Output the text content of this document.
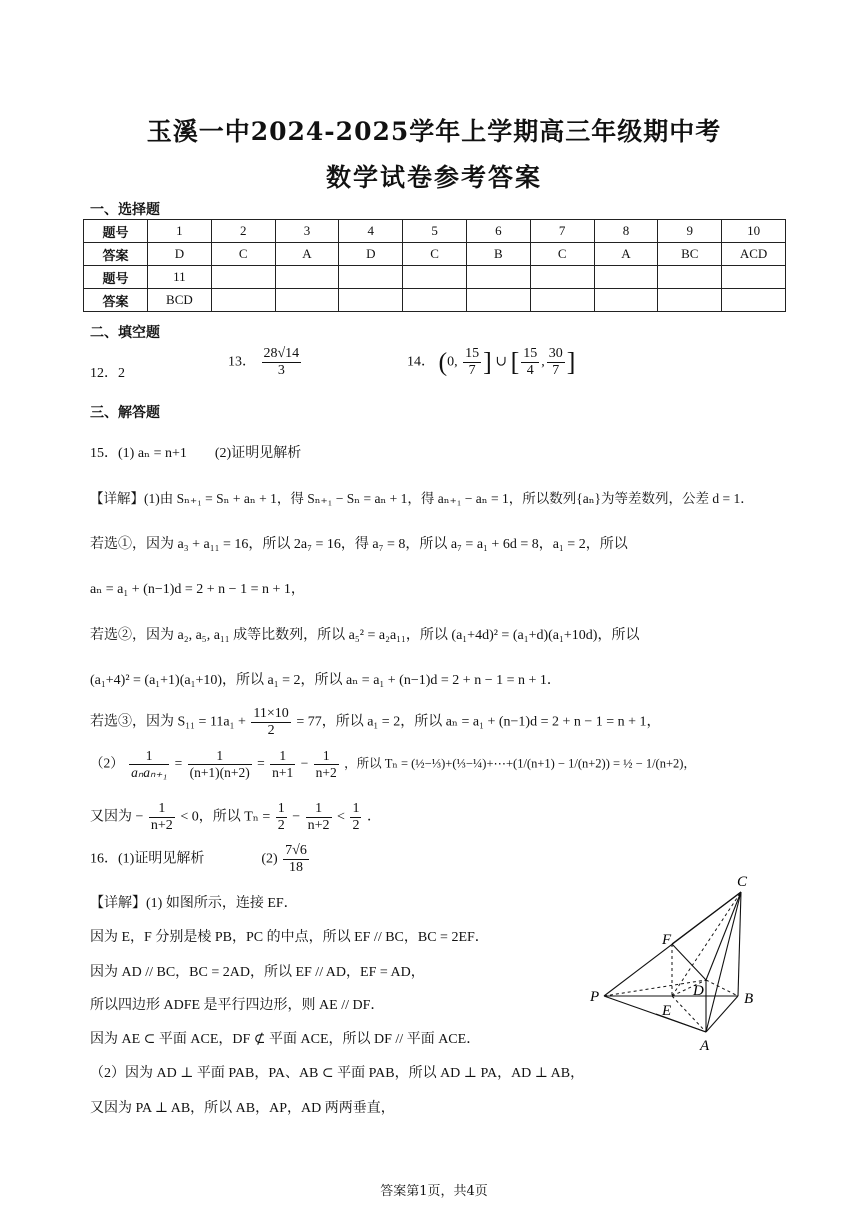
玉溪一中2024-2025学年上学期高三年级期中考
数学试卷参考答案
一、选择题
题号	1	2	3	4	5	6	7	8	9	10
答案	D	C	A	D	C	B	C	A	BC	ACD
题号	11									
答案	BCD									
二、填空题
12．2
13． $\frac{28√14}{3}$	14． (0, $\frac{15}{7}$ ] ∪ [ $\frac{15}{4}$ , $\frac{30}{7}$ ]
三、解答题
15．(1) aₙ = n+1　　(2)证明见解析
【详解】(1)由 Sₙ₊₁ = Sₙ + aₙ + 1，得 Sₙ₊₁ − Sₙ = aₙ + 1，得 aₙ₊₁ − aₙ = 1，所以数列{aₙ}为等差数列，公差 d = 1．
若选①，因为 a₃ + a₁₁ = 16，所以 2a₇ = 16，得 a₇ = 8，所以 a₇ = a₁ + 6d = 8，a₁ = 2，所以
aₙ = a₁ + (n−1)d = 2 + n − 1 = n + 1，
若选②，因为 a₂, a₅, a₁₁ 成等比数列，所以 a₅² = a₂a₁₁，所以 (a₁+4d)² = (a₁+d)(a₁+10d)，所以
(a₁+4)² = (a₁+1)(a₁+10)，所以 a₁ = 2，所以 aₙ = a₁ + (n−1)d = 2 + n − 1 = n + 1．
若选③，因为 $S_{11} = 11a_1 + \frac{11\times 10}{2} = 77$，所以 a₁ = 2，所以 aₙ = a₁ + (n−1)d = 2 + n − 1 = n + 1，
$(2) \frac{1}{\text{aₙaₙ₊₁}} = \frac{1}{(n+1)(n+2)} = \frac{1}{n+1} - \frac{1}{n+2}$ ，所以 Tₙ = (½−⅓)+(⅓−¼)+⋯+(1/(n+1) − 1/(n+2)) = ½ − 1/(n+2)，
又因为 − $\frac{1}{n+2} < 0$，所以 $T_n = \frac{1}{2} - \frac{1}{n+2} < \frac{1}{2}$ ．
16．(1)证明见解析	$(2) \frac{7√6}{18}$
【详解】(1) 如图所示，连接 EF．
因为 E，F 分别是棱 PB，PC 的中点，所以 EF // BC，BC = 2EF．
因为 AD // BC，BC = 2AD，所以 EF // AD，EF = AD，
所以四边形 ADFE 是平行四边形，则 AE // DF．
因为 AE ⊂ 平面 ACE，DF ⊄ 平面 ACE，所以 DF // 平面 ACE．
（2）因为 AD ⊥ 平面 PAB，PA、AB ⊂ 平面 PAB，所以 AD ⊥ PA，AD ⊥ AB，
又因为 PA ⊥ AB，所以 AB，AP，AD 两两垂直，
C
F
D
P	B
E
A
答案第1页，共4页
